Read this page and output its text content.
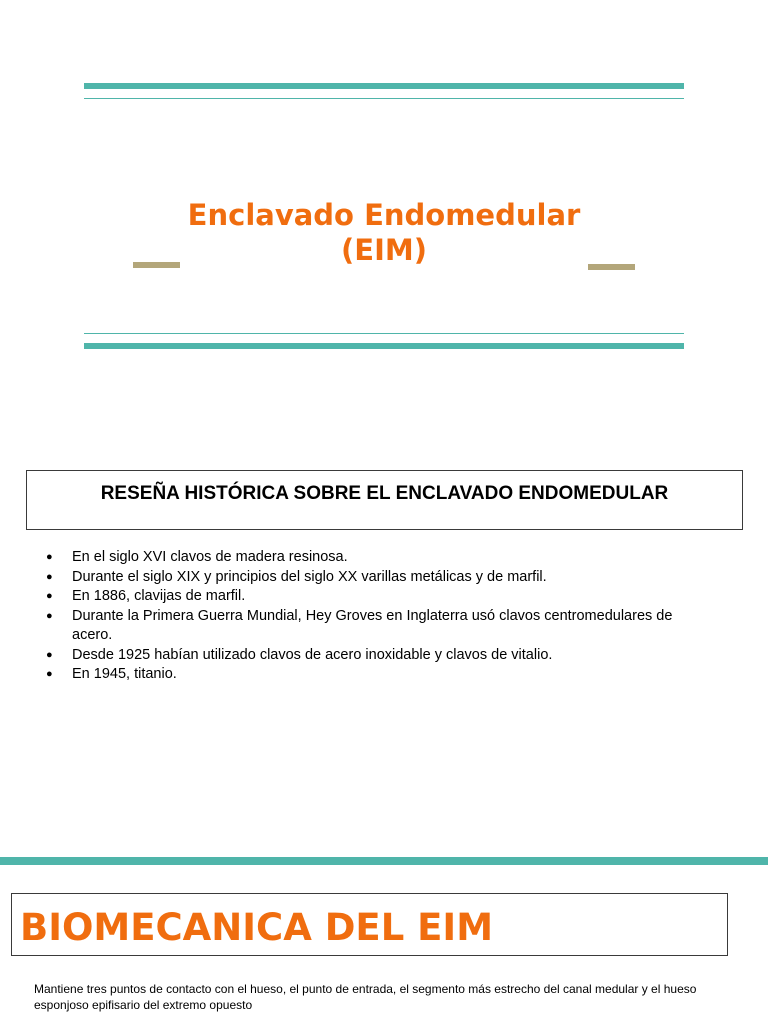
Enclavado Endomedular
(EIM)
RESEÑA HISTÓRICA SOBRE EL ENCLAVADO ENDOMEDULAR
● En el siglo XVI clavos de madera resinosa.
● Durante el siglo XIX y principios del siglo XX varillas metálicas y de marfil.
● En 1886, clavijas de marfil.
● Durante la Primera Guerra Mundial, Hey Groves en Inglaterra usó clavos centromedulares de acero.
● Desde 1925 habían utilizado clavos de acero inoxidable y clavos de vitalio.
● En 1945, titanio.
BIOMECANICA DEL EIM
Mantiene tres puntos de contacto con el hueso, el punto de entrada, el segmento más estrecho del canal medular y el hueso esponjoso epifisario del extremo opuesto
